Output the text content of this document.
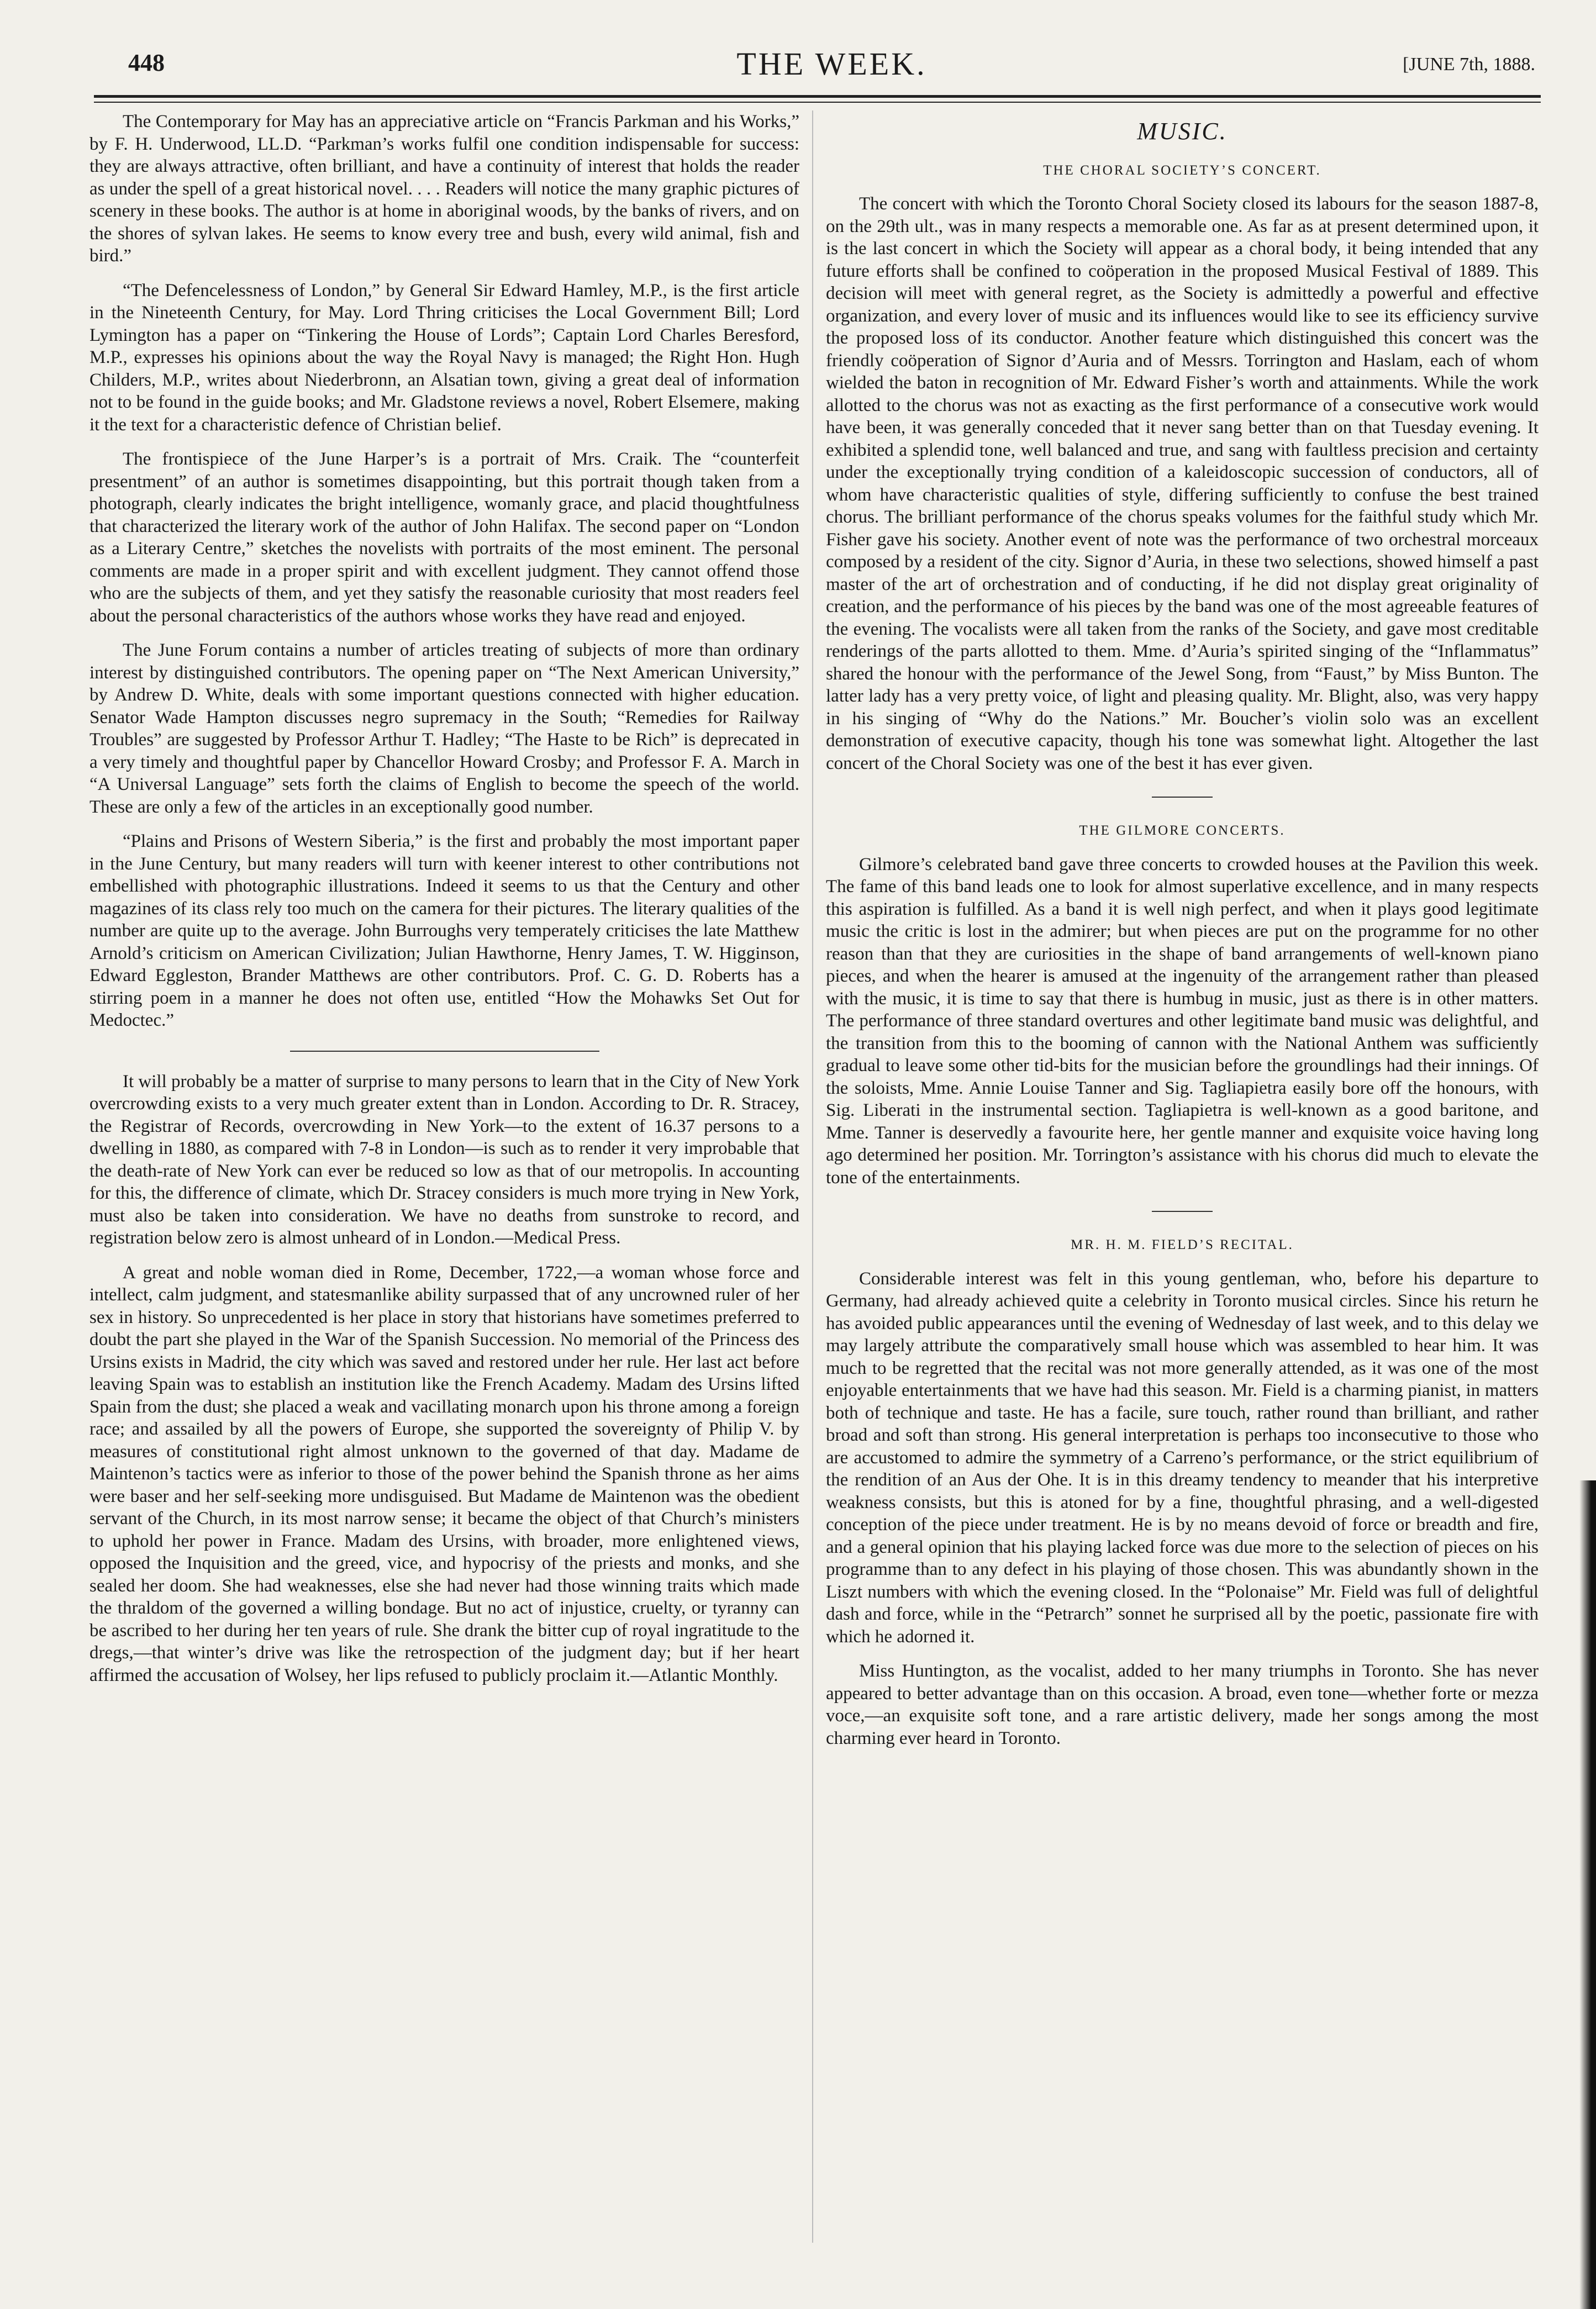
448	THE WEEK.	[JUNE 7th, 1888.

The Contemporary for May has an appreciative article on “Francis Parkman and his Works,” by F. H. Underwood, LL.D. “Parkman’s works fulfil one condition indispensable for success: they are always attractive, often brilliant, and have a continuity of interest that holds the reader as under the spell of a great historical novel. . . . Readers will notice the many graphic pictures of scenery in these books. The author is at home in aboriginal woods, by the banks of rivers, and on the shores of sylvan lakes. He seems to know every tree and bush, every wild animal, fish and bird.”

“The Defencelessness of London,” by General Sir Edward Hamley, M.P., is the first article in the Nineteenth Century, for May. Lord Thring criticises the Local Government Bill; Lord Lymington has a paper on “Tinkering the House of Lords”; Captain Lord Charles Beresford, M.P., expresses his opinions about the way the Royal Navy is managed; the Right Hon. Hugh Childers, M.P., writes about Niederbronn, an Alsatian town, giving a great deal of information not to be found in the guide books; and Mr. Gladstone reviews a novel, Robert Elsemere, making it the text for a characteristic defence of Christian belief.

The frontispiece of the June Harper’s is a portrait of Mrs. Craik. The “counterfeit presentment” of an author is sometimes disappointing, but this portrait though taken from a photograph, clearly indicates the bright intelligence, womanly grace, and placid thoughtfulness that characterized the literary work of the author of John Halifax. The second paper on “London as a Literary Centre,” sketches the novelists with portraits of the most eminent. The personal comments are made in a proper spirit and with excellent judgment. They cannot offend those who are the subjects of them, and yet they satisfy the reasonable curiosity that most readers feel about the personal characteristics of the authors whose works they have read and enjoyed.

The June Forum contains a number of articles treating of subjects of more than ordinary interest by distinguished contributors. The opening paper on “The Next American University,” by Andrew D. White, deals with some important questions connected with higher education. Senator Wade Hampton discusses negro supremacy in the South; “Remedies for Railway Troubles” are suggested by Professor Arthur T. Hadley; “The Haste to be Rich” is deprecated in a very timely and thoughtful paper by Chancellor Howard Crosby; and Professor F. A. March in “A Universal Language” sets forth the claims of English to become the speech of the world. These are only a few of the articles in an exceptionally good number.

“Plains and Prisons of Western Siberia,” is the first and probably the most important paper in the June Century, but many readers will turn with keener interest to other contributions not embellished with photographic illustrations. Indeed it seems to us that the Century and other magazines of its class rely too much on the camera for their pictures. The literary qualities of the number are quite up to the average. John Burroughs very temperately criticises the late Matthew Arnold’s criticism on American Civilization; Julian Hawthorne, Henry James, T. W. Higginson, Edward Eggleston, Brander Matthews are other contributors. Prof. C. G. D. Roberts has a stirring poem in a manner he does not often use, entitled “How the Mohawks Set Out for Medoctec.”

It will probably be a matter of surprise to many persons to learn that in the City of New York overcrowding exists to a very much greater extent than in London. According to Dr. R. Stracey, the Registrar of Records, overcrowding in New York—to the extent of 16.37 persons to a dwelling in 1880, as compared with 7-8 in London—is such as to render it very improbable that the death-rate of New York can ever be reduced so low as that of our metropolis. In accounting for this, the difference of climate, which Dr. Stracey considers is much more trying in New York, must also be taken into consideration. We have no deaths from sunstroke to record, and registration below zero is almost unheard of in London.—Medical Press.

A great and noble woman died in Rome, December, 1722,—a woman whose force and intellect, calm judgment, and statesmanlike ability surpassed that of any uncrowned ruler of her sex in history. So unprecedented is her place in story that historians have sometimes preferred to doubt the part she played in the War of the Spanish Succession. No memorial of the Princess des Ursins exists in Madrid, the city which was saved and restored under her rule. Her last act before leaving Spain was to establish an institution like the French Academy. Madam des Ursins lifted Spain from the dust; she placed a weak and vacillating monarch upon his throne among a foreign race; and assailed by all the powers of Europe, she supported the sovereignty of Philip V. by measures of constitutional right almost unknown to the governed of that day. Madame de Maintenon’s tactics were as inferior to those of the power behind the Spanish throne as her aims were baser and her self-seeking more undisguised. But Madame de Maintenon was the obedient servant of the Church, in its most narrow sense; it became the object of that Church’s ministers to uphold her power in France. Madam des Ursins, with broader, more enlightened views, opposed the Inquisition and the greed, vice, and hypocrisy of the priests and monks, and she sealed her doom. She had weaknesses, else she had never had those winning traits which made the thraldom of the governed a willing bondage. But no act of injustice, cruelty, or tyranny can be ascribed to her during her ten years of rule. She drank the bitter cup of royal ingratitude to the dregs,—that winter’s drive was like the retrospection of the judgment day; but if her heart affirmed the accusation of Wolsey, her lips refused to publicly proclaim it.—Atlantic Monthly.

MUSIC.
THE CHORAL SOCIETY’S CONCERT.

The concert with which the Toronto Choral Society closed its labours for the season 1887-8, on the 29th ult., was in many respects a memorable one. As far as at present determined upon, it is the last concert in which the Society will appear as a choral body, it being intended that any future efforts shall be confined to coöperation in the proposed Musical Festival of 1889. This decision will meet with general regret, as the Society is admittedly a powerful and effective organization, and every lover of music and its influences would like to see its efficiency survive the proposed loss of its conductor. Another feature which distinguished this concert was the friendly coöperation of Signor d’Auria and of Messrs. Torrington and Haslam, each of whom wielded the baton in recognition of Mr. Edward Fisher’s worth and attainments. While the work allotted to the chorus was not as exacting as the first performance of a consecutive work would have been, it was generally conceded that it never sang better than on that Tuesday evening. It exhibited a splendid tone, well balanced and true, and sang with faultless precision and certainty under the exceptionally trying condition of a kaleidoscopic succession of conductors, all of whom have characteristic qualities of style, differing sufficiently to confuse the best trained chorus. The brilliant performance of the chorus speaks volumes for the faithful study which Mr. Fisher gave his society. Another event of note was the performance of two orchestral morceaux composed by a resident of the city. Signor d’Auria, in these two selections, showed himself a past master of the art of orchestration and of conducting, if he did not display great originality of creation, and the performance of his pieces by the band was one of the most agreeable features of the evening. The vocalists were all taken from the ranks of the Society, and gave most creditable renderings of the parts allotted to them. Mme. d’Auria’s spirited singing of the “Inflammatus” shared the honour with the performance of the Jewel Song, from “Faust,” by Miss Bunton. The latter lady has a very pretty voice, of light and pleasing quality. Mr. Blight, also, was very happy in his singing of “Why do the Nations.” Mr. Boucher’s violin solo was an excellent demonstration of executive capacity, though his tone was somewhat light. Altogether the last concert of the Choral Society was one of the best it has ever given.

THE GILMORE CONCERTS.

Gilmore’s celebrated band gave three concerts to crowded houses at the Pavilion this week. The fame of this band leads one to look for almost superlative excellence, and in many respects this aspiration is fulfilled. As a band it is well nigh perfect, and when it plays good legitimate music the critic is lost in the admirer; but when pieces are put on the programme for no other reason than that they are curiosities in the shape of band arrangements of well-known piano pieces, and when the hearer is amused at the ingenuity of the arrangement rather than pleased with the music, it is time to say that there is humbug in music, just as there is in other matters. The performance of three standard overtures and other legitimate band music was delightful, and the transition from this to the booming of cannon with the National Anthem was sufficiently gradual to leave some other tid-bits for the musician before the groundlings had their innings. Of the soloists, Mme. Annie Louise Tanner and Sig. Tagliapietra easily bore off the honours, with Sig. Liberati in the instrumental section. Tagliapietra is well-known as a good baritone, and Mme. Tanner is deservedly a favourite here, her gentle manner and exquisite voice having long ago determined her position. Mr. Torrington’s assistance with his chorus did much to elevate the tone of the entertainments.

MR. H. M. FIELD’S RECITAL.

Considerable interest was felt in this young gentleman, who, before his departure to Germany, had already achieved quite a celebrity in Toronto musical circles. Since his return he has avoided public appearances until the evening of Wednesday of last week, and to this delay we may largely attribute the comparatively small house which was assembled to hear him. It was much to be regretted that the recital was not more generally attended, as it was one of the most enjoyable entertainments that we have had this season. Mr. Field is a charming pianist, in matters both of technique and taste. He has a facile, sure touch, rather round than brilliant, and rather broad and soft than strong. His general interpretation is perhaps too inconsecutive to those who are accustomed to admire the symmetry of a Carreno’s performance, or the strict equilibrium of the rendition of an Aus der Ohe. It is in this dreamy tendency to meander that his interpretive weakness consists, but this is atoned for by a fine, thoughtful phrasing, and a well-digested conception of the piece under treatment. He is by no means devoid of force or breadth and fire, and a general opinion that his playing lacked force was due more to the selection of pieces on his programme than to any defect in his playing of those chosen. This was abundantly shown in the Liszt numbers with which the evening closed. In the “Polonaise” Mr. Field was full of delightful dash and force, while in the “Petrarch” sonnet he surprised all by the poetic, passionate fire with which he adorned it.

Miss Huntington, as the vocalist, added to her many triumphs in Toronto. She has never appeared to better advantage than on this occasion. A broad, even tone—whether forte or mezza voce,—an exquisite soft tone, and a rare artistic delivery, made her songs among the most charming ever heard in Toronto.
